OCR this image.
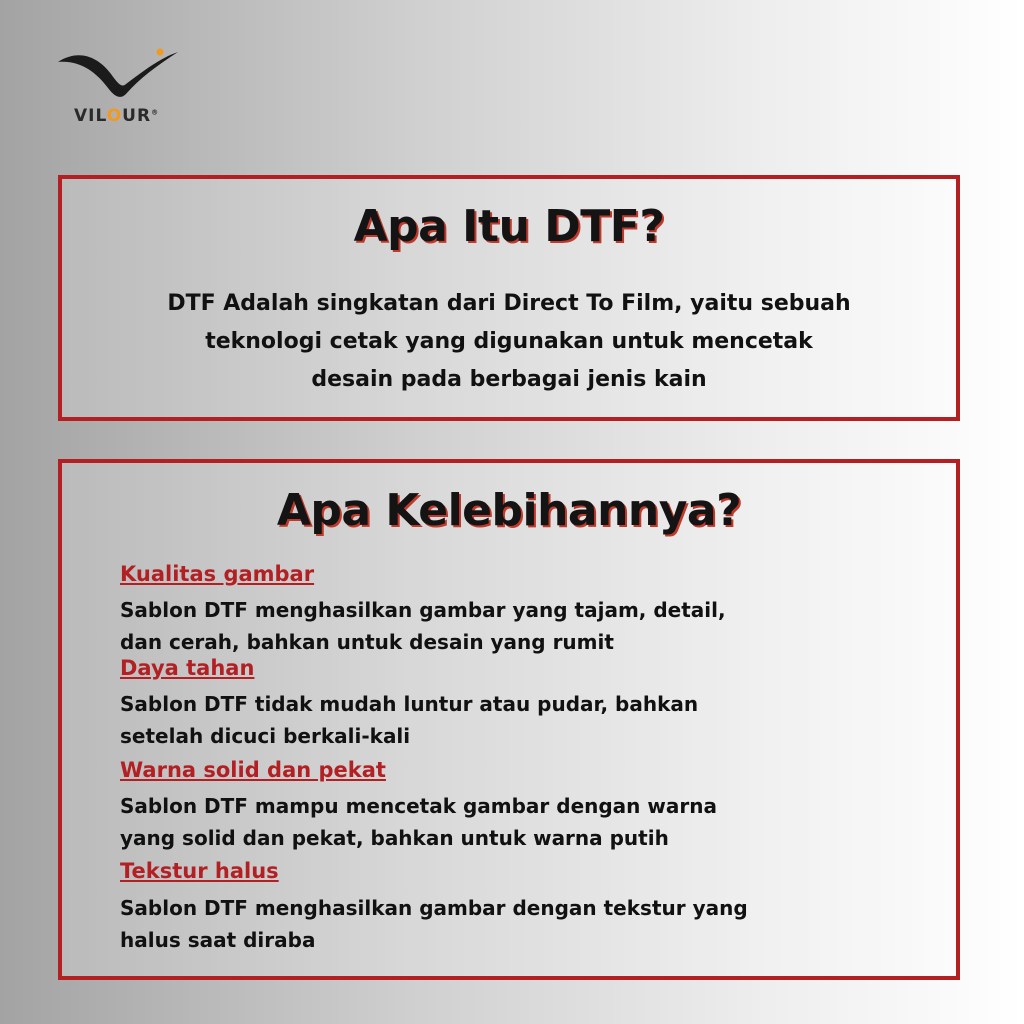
VILOUR®
Apa Itu DTF?
DTF Adalah singkatan dari Direct To Film, yaitu sebuah
teknologi cetak yang digunakan untuk mencetak
desain pada berbagai jenis kain
Apa Kelebihannya?
Kualitas gambar
Sablon DTF menghasilkan gambar yang tajam, detail,
dan cerah, bahkan untuk desain yang rumit
Daya tahan
Sablon DTF tidak mudah luntur atau pudar, bahkan
setelah dicuci berkali-kali
Warna solid dan pekat
Sablon DTF mampu mencetak gambar dengan warna
yang solid dan pekat, bahkan untuk warna putih
Tekstur halus
Sablon DTF menghasilkan gambar dengan tekstur yang
halus saat diraba
